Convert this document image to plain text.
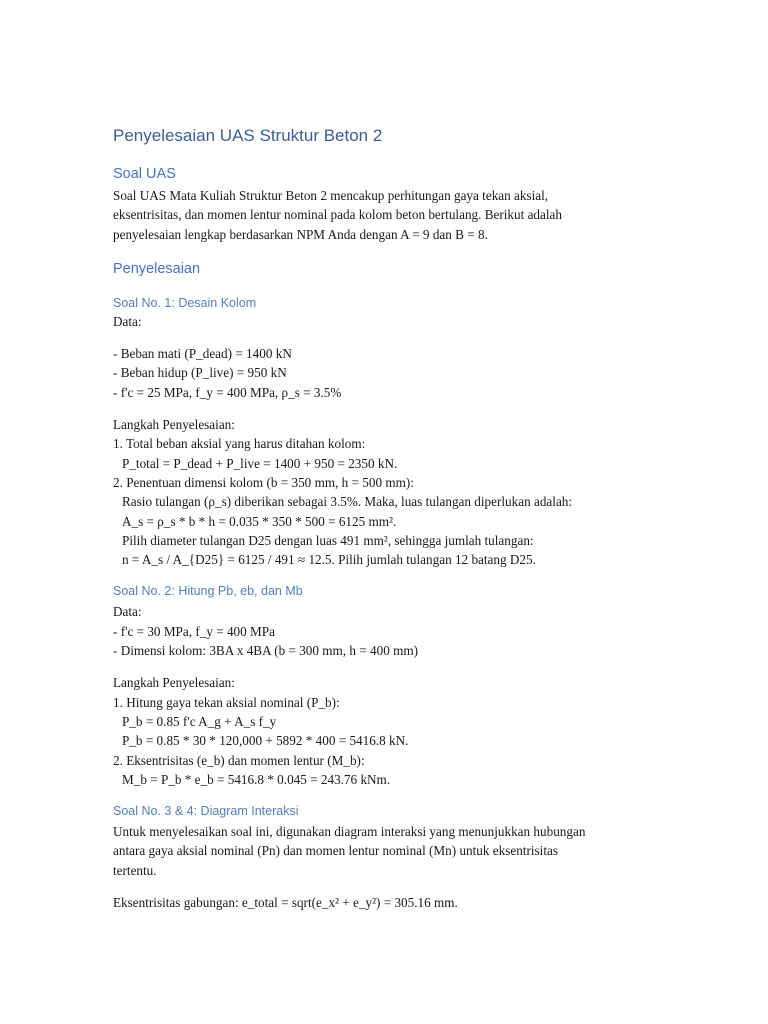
Penyelesaian UAS Struktur Beton 2
Soal UAS
Soal UAS Mata Kuliah Struktur Beton 2 mencakup perhitungan gaya tekan aksial,
eksentrisitas, dan momen lentur nominal pada kolom beton bertulang. Berikut adalah
penyelesaian lengkap berdasarkan NPM Anda dengan A = 9 dan B = 8.
Penyelesaian
Soal No. 1: Desain Kolom
Data:
- Beban mati (P_dead) = 1400 kN
- Beban hidup (P_live) = 950 kN
- f'c = 25 MPa, f_y = 400 MPa, ρ_s = 3.5%
Langkah Penyelesaian:
1. Total beban aksial yang harus ditahan kolom:
P_total = P_dead + P_live = 1400 + 950 = 2350 kN.
2. Penentuan dimensi kolom (b = 350 mm, h = 500 mm):
Rasio tulangan (ρ_s) diberikan sebagai 3.5%. Maka, luas tulangan diperlukan adalah:
A_s = ρ_s * b * h = 0.035 * 350 * 500 = 6125 mm².
Pilih diameter tulangan D25 dengan luas 491 mm², sehingga jumlah tulangan:
n = A_s / A_{D25} = 6125 / 491 ≈ 12.5. Pilih jumlah tulangan 12 batang D25.
Soal No. 2: Hitung Pb, eb, dan Mb
Data:
- f'c = 30 MPa, f_y = 400 MPa
- Dimensi kolom: 3BA x 4BA (b = 300 mm, h = 400 mm)
Langkah Penyelesaian:
1. Hitung gaya tekan aksial nominal (P_b):
P_b = 0.85 f'c A_g + A_s f_y
P_b = 0.85 * 30 * 120,000 + 5892 * 400 = 5416.8 kN.
2. Eksentrisitas (e_b) dan momen lentur (M_b):
M_b = P_b * e_b = 5416.8 * 0.045 = 243.76 kNm.
Soal No. 3 & 4: Diagram Interaksi
Untuk menyelesaikan soal ini, digunakan diagram interaksi yang menunjukkan hubungan
antara gaya aksial nominal (Pn) dan momen lentur nominal (Mn) untuk eksentrisitas
tertentu.
Eksentrisitas gabungan: e_total = sqrt(e_x² + e_y²) = 305.16 mm.
